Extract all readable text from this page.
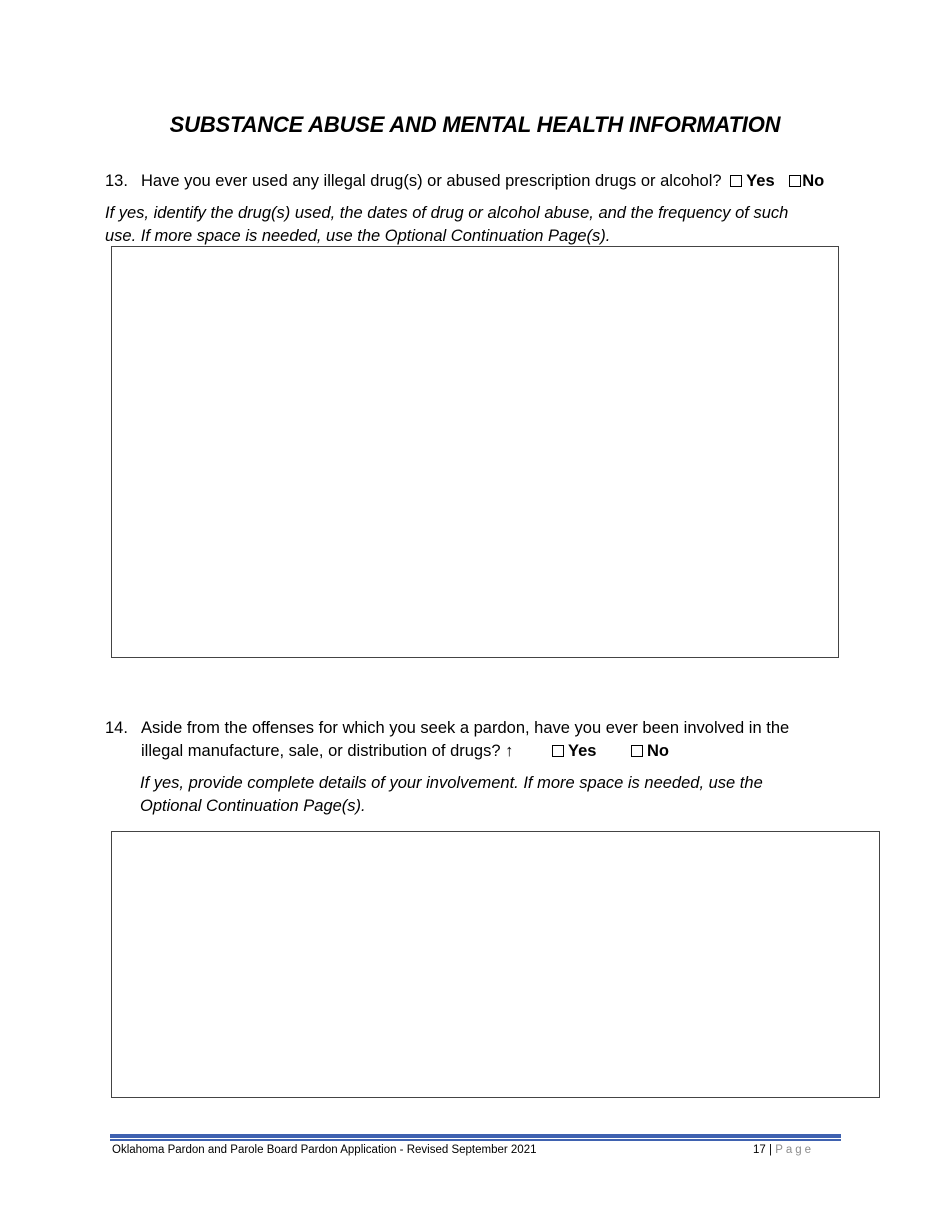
SUBSTANCE ABUSE AND MENTAL HEALTH INFORMATION
13. Have you ever used any illegal drug(s) or abused prescription drugs or alcohol? Yes No
If yes, identify the drug(s) used, the dates of drug or alcohol abuse, and the frequency of such
use. If more space is needed, use the Optional Continuation Page(s).
14. Aside from the offenses for which you seek a pardon, have you ever been involved in the
illegal manufacture, sale, or distribution of drugs? ↑	Yes	No
If yes, provide complete details of your involvement. If more space is needed, use the
Optional Continuation Page(s).
Oklahoma Pardon and Parole Board Pardon Application - Revised September 2021	17 | Page
